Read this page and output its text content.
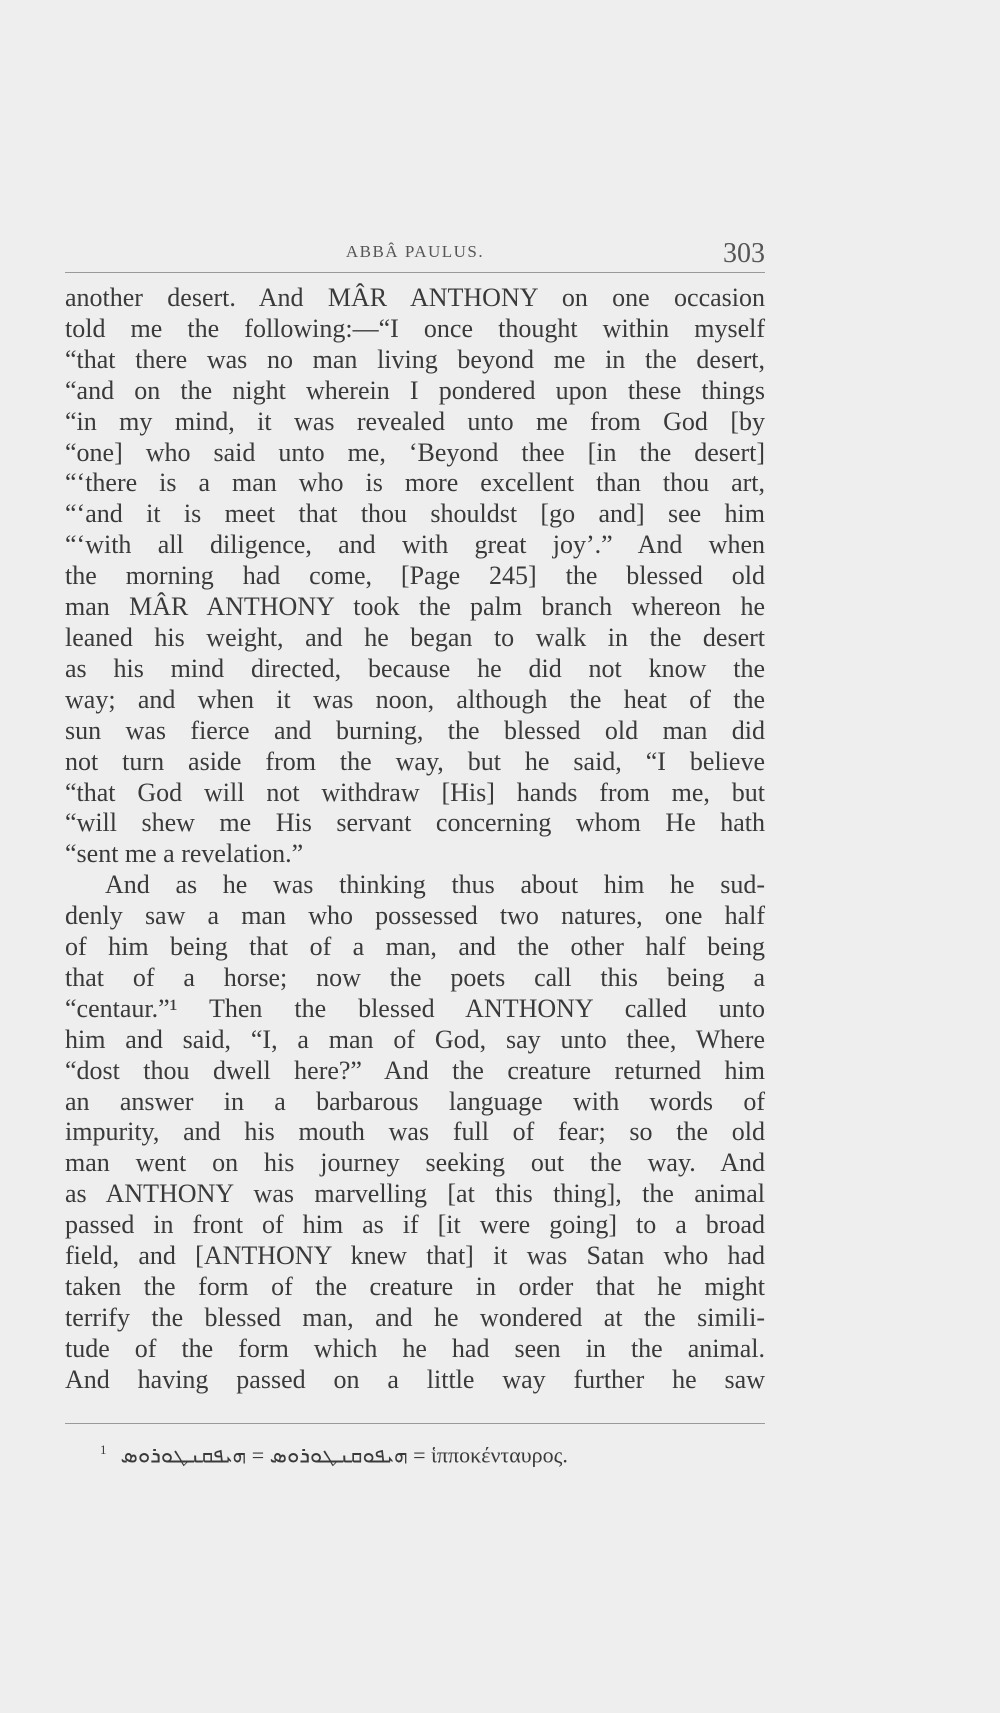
ABBÂ PAULUS.	303
another desert. And MÂR ANTHONY on one occasion
told me the following:—“I once thought within myself
“that there was no man living beyond me in the desert,
“and on the night wherein I pondered upon these things
“in my mind, it was revealed unto me from God [by
“one] who said unto me, ‘Beyond thee [in the desert]
“‘there is a man who is more excellent than thou art,
“‘and it is meet that thou shouldst [go and] see him
“‘with all diligence, and with great joy’.” And when
the morning had come, [Page 245] the blessed old
man MÂR ANTHONY took the palm branch whereon he
leaned his weight, and he began to walk in the desert
as his mind directed, because he did not know the
way; and when it was noon, although the heat of the
sun was fierce and burning, the blessed old man did
not turn aside from the way, but he said, “I believe
“that God will not withdraw [His] hands from me, but
“will shew me His servant concerning whom He hath
“sent me a revelation.”
And as he was thinking thus about him he sud-
denly saw a man who possessed two natures, one half
of him being that of a man, and the other half being
that of a horse; now the poets call this being a
“centaur.”¹ Then the blessed ANTHONY called unto
him and said, “I, a man of God, say unto thee, Where
“dost thou dwell here?” And the creature returned him
an answer in a barbarous language with words of
impurity, and his mouth was full of fear; so the old
man went on his journey seeking out the way. And
as ANTHONY was marvelling [at this thing], the animal
passed in front of him as if [it were going] to a broad
field, and [ANTHONY knew that] it was Satan who had
taken the form of the creature in order that he might
terrify the blessed man, and he wondered at the simili-
tude of the form which he had seen in the animal.
And having passed on a little way further he saw
$^1$ ܗܝܦܘܩܢܛܘܪܘܣ = ܗܝܦܩܢܛܘܪܘܣ = ἱπποκένταυρος.
